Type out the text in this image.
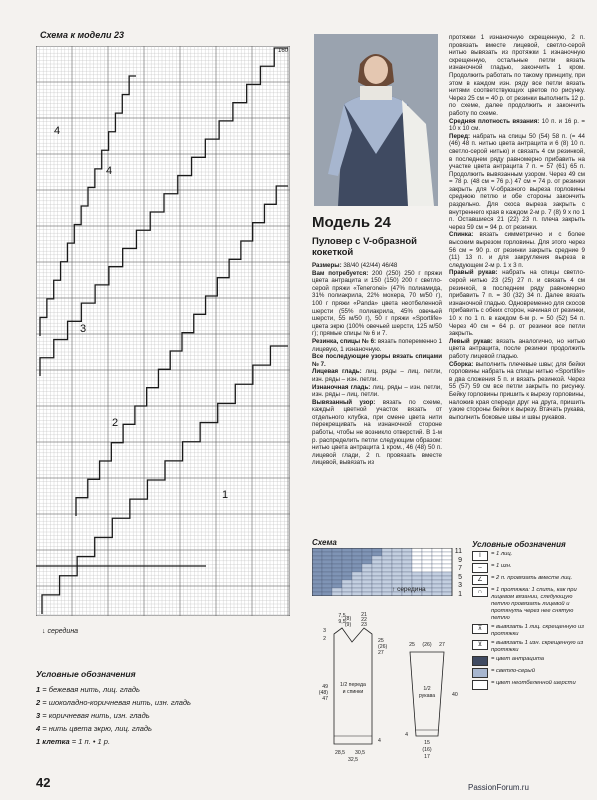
Схема к модели 23
160
4
4
3
2
1
↓ середина
Условные обозначения
1 = бежевая нить, лиц. гладь
2 = шоколадно-коричневая нить, изн. гладь
3 = коричневая нить, изн. гладь
4 = нить цвета экрю, лиц. гладь
1 клетка = 1 п. • 1 р.
42
Модель 24
Пуловер с V-образной кокеткой
Размеры: 38/40 (42/44) 46/48
Вам потребуется: 200 (250) 250 г пряжи цвета антрацита и 150 (150) 200 г светло-серой пряжи «Teneronei» (47% полиамида, 31% полиакрила, 22% мохера, 70 м/50 г), 100 г пряжи «Panda» цвета неотбеленной шерсти (55% полиакрила, 45% овечьей шерсти, 55 м/50 г), 50 г пряжи «Sportlife» цвета экрю (100% овечьей шерсти, 125 м/50 г); прямые спицы № 6 и 7.
Резинка, спицы № 6: вязать попеременно 1 лицевую, 1 изнаночную.
Все последующие узоры вязать спицами № 7.
Лицевая гладь: лиц. ряды – лиц. петли, изн. ряды – изн. петли.
Изнаночная гладь: лиц. ряды – изн. петли, изн. ряды – лиц. петли.
Вывязанный узор: вязать по схеме, каждый цветной участок вязать от отдельного клубка, при смене цвета нити перекрещивать на изнаночной стороне работы, чтобы не возникло отверстий. В 1-м р. распределить петли следующим образом: нитью цвета антрацита 1 кром., 46 (48) 50 п. лицевой глади, 2 п. провязать вместе лицевой, вывязать из
протяжки 1 изнаночную скрещенную, 2 п. провязать вместе лицевой, светло-серой нитью вывязать из протяжки 1 изнаночную скрещенную, остальные петли вязать изнаночной гладью, закончить 1 кром. Продолжить работать по такому принципу, при этом в каждом изн. ряду все петли вязать нитями соответствующих цветов по рисунку. Через 25 см = 40 р. от резинки выполнить 12 р. по схеме, далее продолжить и закончить работу по схеме.
Средняя плотность вязания: 10 п. и 16 р. = 10 х 10 см.
Перед: набрать на спицы 50 (54) 58 п. (= 44 (46) 48 п. нитью цвета антрацита и 6 (8) 10 п. светло-серой нитью) и связать 4 см резинкой, в последнем ряду равномерно прибавить на участке цвета антрацита 7 п. = 57 (61) 65 п. Продолжить вывязанным узором. Через 49 см = 78 р. (48 см = 76 р.) 47 см = 74 р. от резинки закрыть для V-образного выреза горловины среднюю петлю и обе стороны закончить раздельно. Для скоса выреза закрыть с внутреннего края в каждом 2-м р. 7 (8) 9 х по 1 п. Оставшиеся 21 (22) 23 п. плеча закрыть через 59 см = 94 р. от резинки.
Спинка: вязать симметрично и с более высоким вырезом горловины. Для этого через 56 см = 90 р. от резинки закрыть средние 9 (11) 13 п. и для закругления выреза в следующем 2-м р. 1 х 3 п.
Правый рукав: набрать на спицы светло-серой нитью 23 (25) 27 п. и связать 4 см резинкой, в последнем ряду равномерно прибавить 7 п. = 30 (32) 34 п. Далее вязать изнаночной гладью. Одновременно для скосов прибавить с обеих сторон, начиная от резинки, 10 х по 1 п. в каждом 6-м р. = 50 (52) 54 п. Через 40 см = 64 р. от резинки все петли закрыть.
Левый рукав: вязать аналогично, но нитью цвета антрацита, после резинки продолжить работу лицевой гладью.
Сборка: выполнить плечевые швы; для бейки горловины набрать на спицы нитью «Sportlife» в два сложения 5 п. и вязать резинкой. Через 55 (57) 59 см все петли закрыть по рисунку. Бейку горловины пришить к вырезу горловины, наложив края спереди друг на друга, пришить узкие стороны бейки к вырезу. Втачать рукава, выполнить боковые швы и швы рукавов.
Схема
11
9
7
5
3
1
↑ середина
Условные обозначения
I	= 1 лиц.
–	= 1 изн.
∠	= 2 п. провязать вместе лиц.
∩	= 1 протяжка: 1 спить, как при лицевом вязании, следующую петлю провязать лицевой и протянуть через нее снятую петлю
⊼	= вывязать 1 лиц. скрещенную из протяжки
⊻	= вывязать 1 изн. скрещенную из протяжки
= цвет антрацита
= светло-серый
= цвет неотбеленной шерсти
1/2 переда
и спинки	1/2
рукава
7,5
9,5
21
22
23
(8)
(9)
3
2	25
(26)
27
49
(48)
47
4
28,5 30,5
32,5
25 (26) 27
40
4
15
(16)
17
PassionForum.ru
